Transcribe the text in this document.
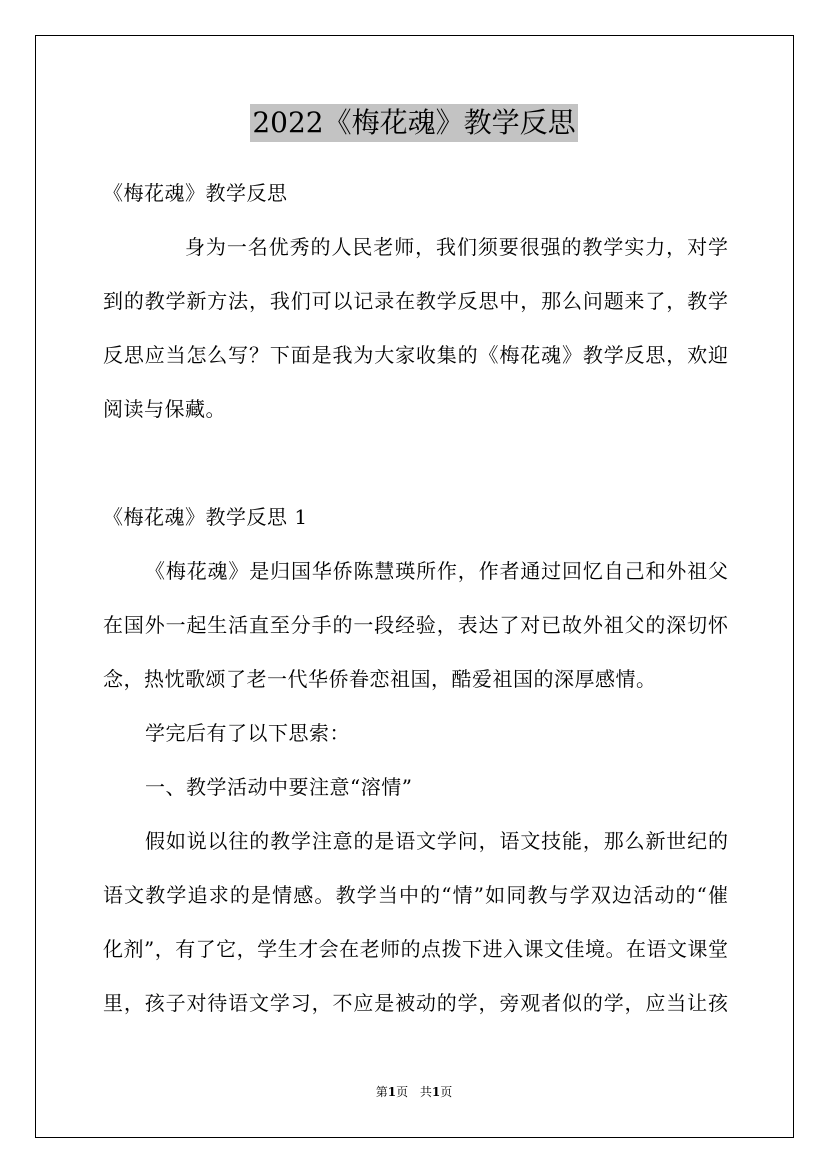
2022《梅花魂》教学反思
《梅花魂》教学反思
身为一名优秀的人民老师，我们须要很强的教学实力，对学
到的教学新方法，我们可以记录在教学反思中，那么问题来了，教学
反思应当怎么写？下面是我为大家收集的《梅花魂》教学反思，欢迎
阅读与保藏。
《梅花魂》教学反思 1
《梅花魂》是归国华侨陈慧瑛所作，作者通过回忆自己和外祖父
在国外一起生活直至分手的一段经验，表达了对已故外祖父的深切怀
念，热忱歌颂了老一代华侨眷恋祖国，酷爱祖国的深厚感情。
学完后有了以下思索：
一、教学活动中要注意“溶情”
假如说以往的教学注意的是语文学问，语文技能，那么新世纪的
语文教学追求的是情感。教学当中的“情”如同教与学双边活动的“催
化剂”，有了它，学生才会在老师的点拨下进入课文佳境。在语文课堂
里，孩子对待语文学习，不应是被动的学，旁观者似的学，应当让孩
第1页 共1页
